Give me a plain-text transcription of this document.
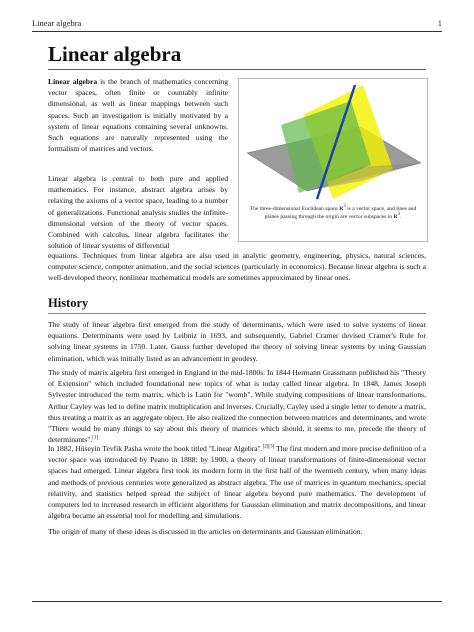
Linear algebra	1
Linear algebra

Linear algebra is the branch of mathematics concerning vector spaces, often finite or countably infinite dimensional, as well as linear mappings between such spaces. Such an investigation is initially motivated by a system of linear equations containing several unknowns. Such equations are naturally represented using the formalism of matrices and vectors.

Linear algebra is central to both pure and applied mathematics. For instance, abstract algebra arises by relaxing the axioms of a vector space, leading to a number of generalizations. Functional analysis studies the infinite-dimensional version of the theory of vector spaces. Combined with calculus, linear algebra facilitates the solution of linear systems of differential

equations. Techniques from linear algebra are also used in analytic geometry, engineering, physics, natural sciences, computer science, computer animation, and the social sciences (particularly in economics). Because linear algebra is such a well-developed theory, nonlinear mathematical models are sometimes approximated by linear ones.

The three-dimensional Euclidean space $R^3$ is a vector space, and lines and planes passing through the origin are vector subspaces in $R^3$.
History

The study of linear algebra first emerged from the study of determinants, which were used to solve systems of linear equations. Determinants were used by Leibniz in 1693, and subsequently, Gabriel Cramer devised Cramer's Rule for solving linear systems in 1750. Later, Gauss further developed the theory of solving linear systems by using Gaussian elimination, which was initially listed as an advancement in geodesy.

The study of matrix algebra first emerged in England in the mid-1800s. In 1844 Hermann Grassmann published his "Theory of Extension" which included foundational new topics of what is today called linear algebra. In 1848, James Joseph Sylvester introduced the term matrix, which is Latin for "womb". While studying compositions of linear transformations, Arthur Cayley was led to define matrix multiplication and inverses. Crucially, Cayley used a single letter to denote a matrix, thus treating a matrix as an aggregate object. He also realized the connection between matrices and determinants, and wrote "There would be many things to say about this theory of matrices which should, it seems to me, precede the theory of determinants".[1]

In 1882, Hüseyin Tevfik Pasha wrote the book titled "Linear Algebra".[2][3] The first modern and more precise definition of a vector space was introduced by Peano in 1888; by 1900, a theory of linear transformations of finite-dimensional vector spaces had emerged. Linear algebra first took its modern form in the first half of the twentieth century, when many ideas and methods of previous centuries were generalized as abstract algebra. The use of matrices in quantum mechanics, special relativity, and statistics helped spread the subject of linear algebra beyond pure mathematics. The development of computers led to increased research in efficient algorithms for Gaussian elimination and matrix decompositions, and linear algebra became an essential tool for modelling and simulations.

The origin of many of these ideas is discussed in the articles on determinants and Gaussian elimination.
